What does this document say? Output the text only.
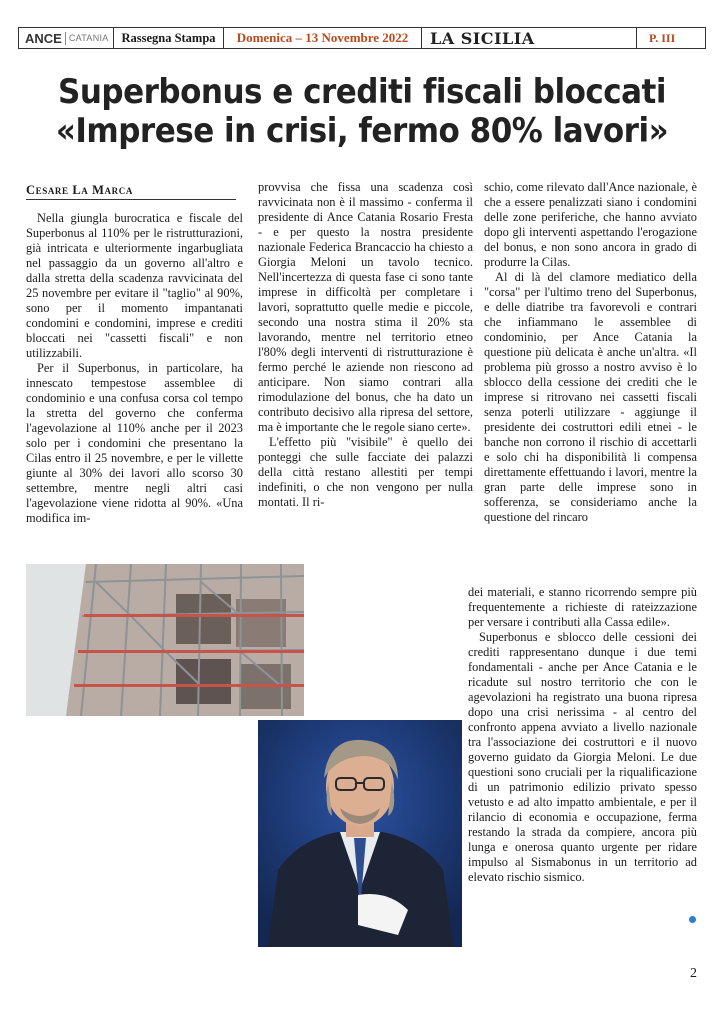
ANCE CATANIA	Rassegna Stampa	Domenica – 13 Novembre 2022	LA SICILIA	P. III
Superbonus e crediti fiscali bloccati
«Imprese in crisi, fermo 80% lavori»
Cesare La Marca

Nella giungla burocratica e fiscale del Superbonus al 110% per le ristrutturazioni, già intricata e ulteriormente ingarbugliata nel passaggio da un governo all'altro e dalla stretta della scadenza ravvicinata del 25 novembre per evitare il "taglio" al 90%, sono per il momento impantanati condomini e condomini, imprese e crediti bloccati nei "cassetti fiscali" e non utilizzabili.

Per il Superbonus, in particolare, ha innescato tempestose assemblee di condominio e una confusa corsa col tempo la stretta del governo che conferma l'agevolazione al 110% anche per il 2023 solo per i condomini che presentano la Cilas entro il 25 novembre, e per le villette giunte al 30% dei lavori allo scorso 30 settembre, mentre negli altri casi l'agevolazione viene ridotta al 90%. «Una modifica im-

provvisa che fissa una scadenza così ravvicinata non è il massimo - conferma il presidente di Ance Catania Rosario Fresta - e per questo la nostra presidente nazionale Federica Brancaccio ha chiesto a Giorgia Meloni un tavolo tecnico. Nell'incertezza di questa fase ci sono tante imprese in difficoltà per completare i lavori, soprattutto quelle medie e piccole, secondo una nostra stima il 20% sta lavorando, mentre nel territorio etneo l'80% degli interventi di ristrutturazione è fermo perché le aziende non riescono ad anticipare. Non siamo contrari alla rimodulazione del bonus, che ha dato un contributo decisivo alla ripresa del settore, ma è importante che le regole siano certe».

L'effetto più "visibile" è quello dei ponteggi che sulle facciate dei palazzi della città restano allestiti per tempi indefiniti, o che non vengono per nulla montati. Il ri-

schio, come rilevato dall'Ance nazionale, è che a essere penalizzati siano i condomini delle zone periferiche, che hanno avviato dopo gli interventi aspettando l'erogazione del bonus, e non sono ancora in grado di produrre la Cilas.

Al di là del clamore mediatico della "corsa" per l'ultimo treno del Superbonus, e delle diatribe tra favorevoli e contrari che infiammano le assemblee di condominio, per Ance Catania la questione più delicata è anche un'altra. «Il problema più grosso a nostro avviso è lo sblocco della cessione dei crediti che le imprese si ritrovano nei cassetti fiscali senza poterli utilizzare - aggiunge il presidente dei costruttori edili etnei - le banche non corrono il rischio di accettarli e solo chi ha disponibilità li compensa direttamente effettuando i lavori, mentre la gran parte delle imprese sono in sofferenza, se consideriamo anche la questione del rincaro

dei materiali, e stanno ricorrendo sempre più frequentemente a richieste di rateizzazione per versare i contributi alla Cassa edile».

Superbonus e sblocco delle cessioni dei crediti rappresentano dunque i due temi fondamentali - anche per Ance Catania e le ricadute sul nostro territorio che con le agevolazioni ha registrato una buona ripresa dopo una crisi nerissima - al centro del confronto appena avviato a livello nazionale tra l'associazione dei costruttori e il nuovo governo guidato da Giorgia Meloni. Le due questioni sono cruciali per la riqualificazione di un patrimonio edilizio privato spesso vetusto e ad alto impatto ambientale, e per il rilancio di economia e occupazione, ferma restando la strada da compiere, ancora più lunga e onerosa quanto urgente per ridare impulso al Sismabonus in un territorio ad elevato rischio sismico.

2
